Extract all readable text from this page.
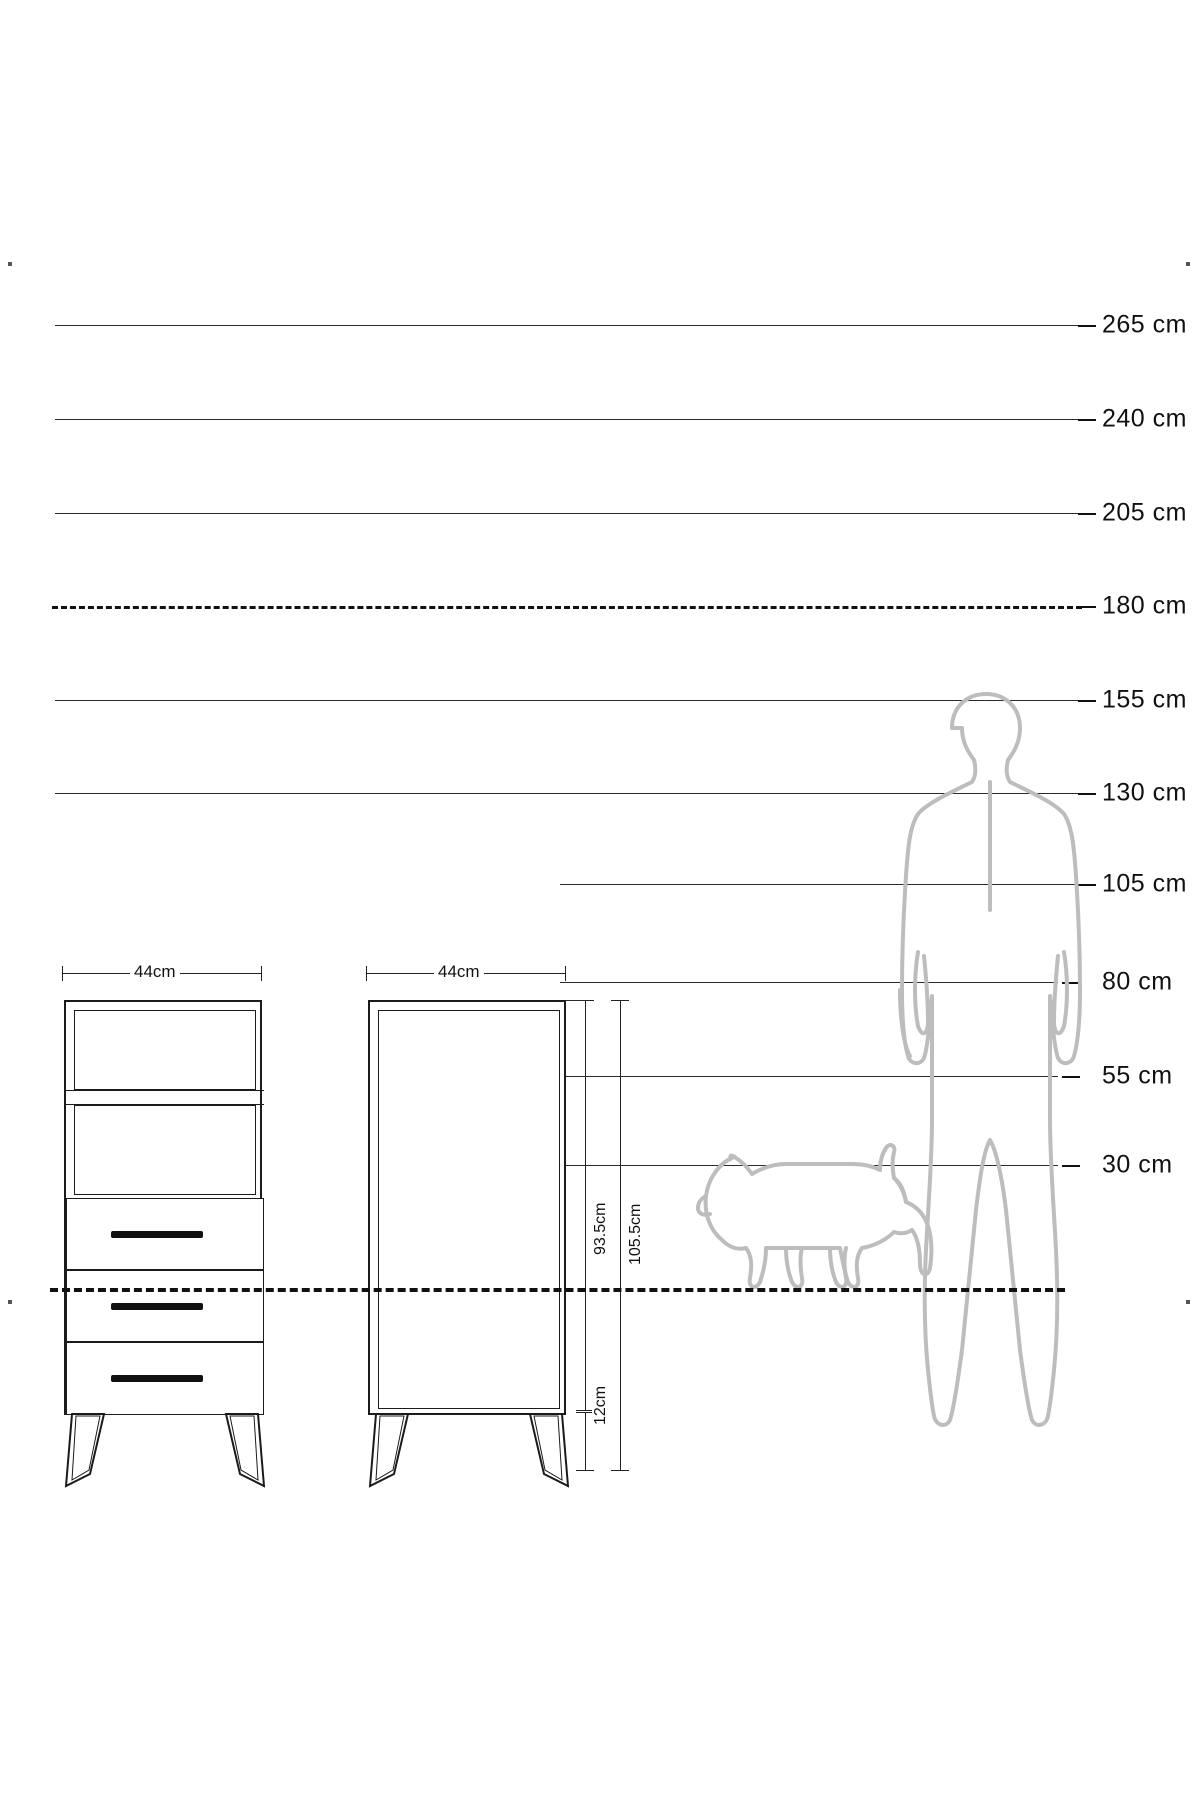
265 cm
240 cm
205 cm
180 cm
155 cm
130 cm
105 cm
80 cm
55 cm
30 cm
44cm	44cm
93.5cm 105.5cm
12cm
